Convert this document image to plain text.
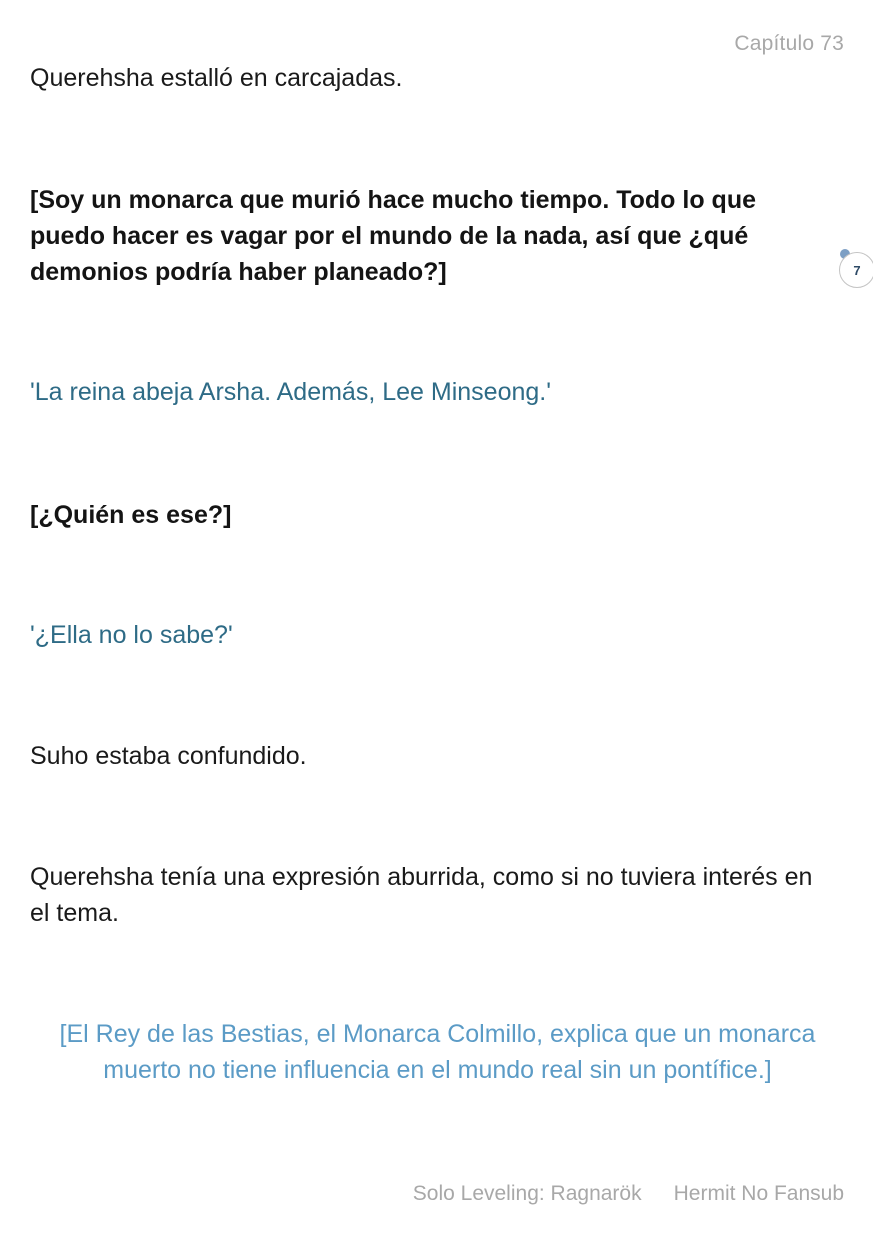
Capítulo 73

Querehsha estalló en carcajadas.

[Soy un monarca que murió hace mucho tiempo. Todo lo que puedo hacer es vagar por el mundo de la nada, así que ¿qué demonios podría haber planeado?]	7

'La reina abeja Arsha. Además, Lee Minseong.'

[¿Quién es ese?]

'¿Ella no lo sabe?'

Suho estaba confundido.

Querehsha tenía una expresión aburrida, como si no tuviera interés en el tema.

[El Rey de las Bestias, el Monarca Colmillo, explica que un monarca muerto no tiene influencia en el mundo real sin un pontífice.]

Solo Leveling: Ragnarök Hermit No Fansub
